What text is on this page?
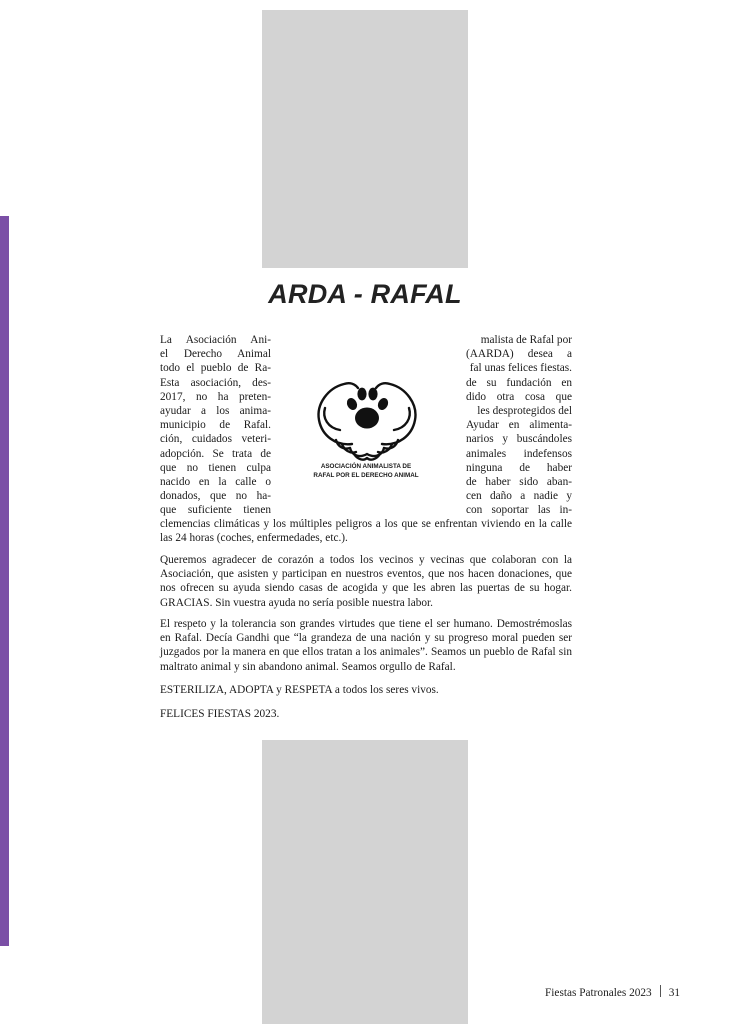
ARDA - RAFAL
La Asociación Ani-
el Derecho Animal
todo el pueblo de Ra-
Esta asociación, des-
2017, no ha preten-
ayudar a los anima-
municipio de Rafal.
ción, cuidados veteri-
adopción. Se trata de
que no tienen culpa
nacido en la calle o
donados, que no ha-
que suficiente tienen
ASOCIACIÓN ANIMALISTA DE
RAFAL POR EL DERECHO ANIMAL
malista de Rafal por
(AARDA) desea a
fal unas felices fiestas.
de su fundación en
dido otra cosa que
les desprotegidos del
Ayudar en alimenta-
narios y buscándoles
animales indefensos
ninguna de haber
de haber sido aban-
cen daño a nadie y
con soportar las in-

clemencias climáticas y los múltiples peligros a los que se enfrentan viviendo en la calle las 24 horas (coches, enfermedades, etc.).

Queremos agradecer de corazón a todos los vecinos y vecinas que colaboran con la Asociación, que asisten y participan en nuestros eventos, que nos hacen donaciones, que nos ofrecen su ayuda siendo casas de acogida y que les abren las puertas de su hogar. GRACIAS. Sin vuestra ayuda no sería posible nuestra labor.

El respeto y la tolerancia son grandes virtudes que tiene el ser humano. Demostrémoslas en Rafal. Decía Gandhi que “la grandeza de una nación y su progreso moral pueden ser juzgados por la manera en que ellos tratan a los animales”. Seamos un pueblo de Rafal sin maltrato animal y sin abandono animal. Seamos orgullo de Rafal.

ESTERILIZA, ADOPTA y RESPETA a todos los seres vivos.

FELICES FIESTAS 2023.

Fiestas Patronales 2023 31
